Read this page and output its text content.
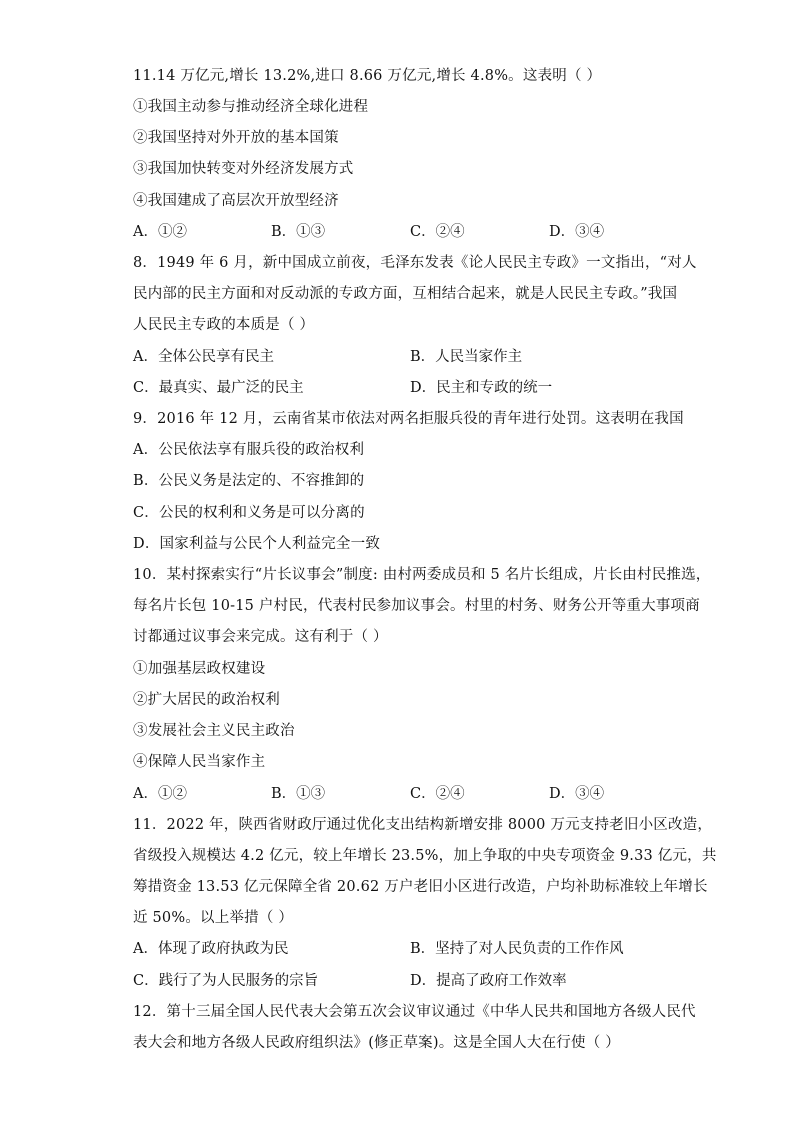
11.14 万亿元,增长 13.2%,进口 8.66 万亿元,增长 4.8%。这表明（ ）
①我国主动参与推动经济全球化进程
②我国坚持对外开放的基本国策
③我国加快转变对外经济发展方式
④我国建成了高层次开放型经济
A．①②	B．①③	C．②④	D．③④
8．1949 年 6 月，新中国成立前夜，毛泽东发表《论人民民主专政》一文指出，“对人
民内部的民主方面和对反动派的专政方面，互相结合起来，就是人民民主专政。”我国
人民民主专政的本质是（ ）
A．全体公民享有民主	B．人民当家作主
C．最真实、最广泛的民主	D．民主和专政的统一
9．2016 年 12 月，云南省某市依法对两名拒服兵役的青年进行处罚。这表明在我国
A．公民依法享有服兵役的政治权利
B．公民义务是法定的、不容推卸的
C．公民的权利和义务是可以分离的
D．国家利益与公民个人利益完全一致
10．某村探索实行“片长议事会”制度: 由村两委成员和 5 名片长组成，片长由村民推选，
每名片长包 10-15 户村民，代表村民参加议事会。村里的村务、财务公开等重大事项商
讨都通过议事会来完成。这有利于（ ）
①加强基层政权建设
②扩大居民的政治权利
③发展社会主义民主政治
④保障人民当家作主
A．①②	B．①③	C．②④	D．③④
11．2022 年，陕西省财政厅通过优化支出结构新增安排 8000 万元支持老旧小区改造，
省级投入规模达 4.2 亿元，较上年增长 23.5%，加上争取的中央专项资金 9.33 亿元，共
筹措资金 13.53 亿元保障全省 20.62 万户老旧小区进行改造，户均补助标准较上年增长
近 50%。以上举措（ ）
A．体现了政府执政为民	B．坚持了对人民负责的工作作风
C．践行了为人民服务的宗旨	D．提高了政府工作效率
12．第十三届全国人民代表大会第五次会议审议通过《中华人民共和国地方各级人民代
表大会和地方各级人民政府组织法》(修正草案)。这是全国人大在行使（ ）
